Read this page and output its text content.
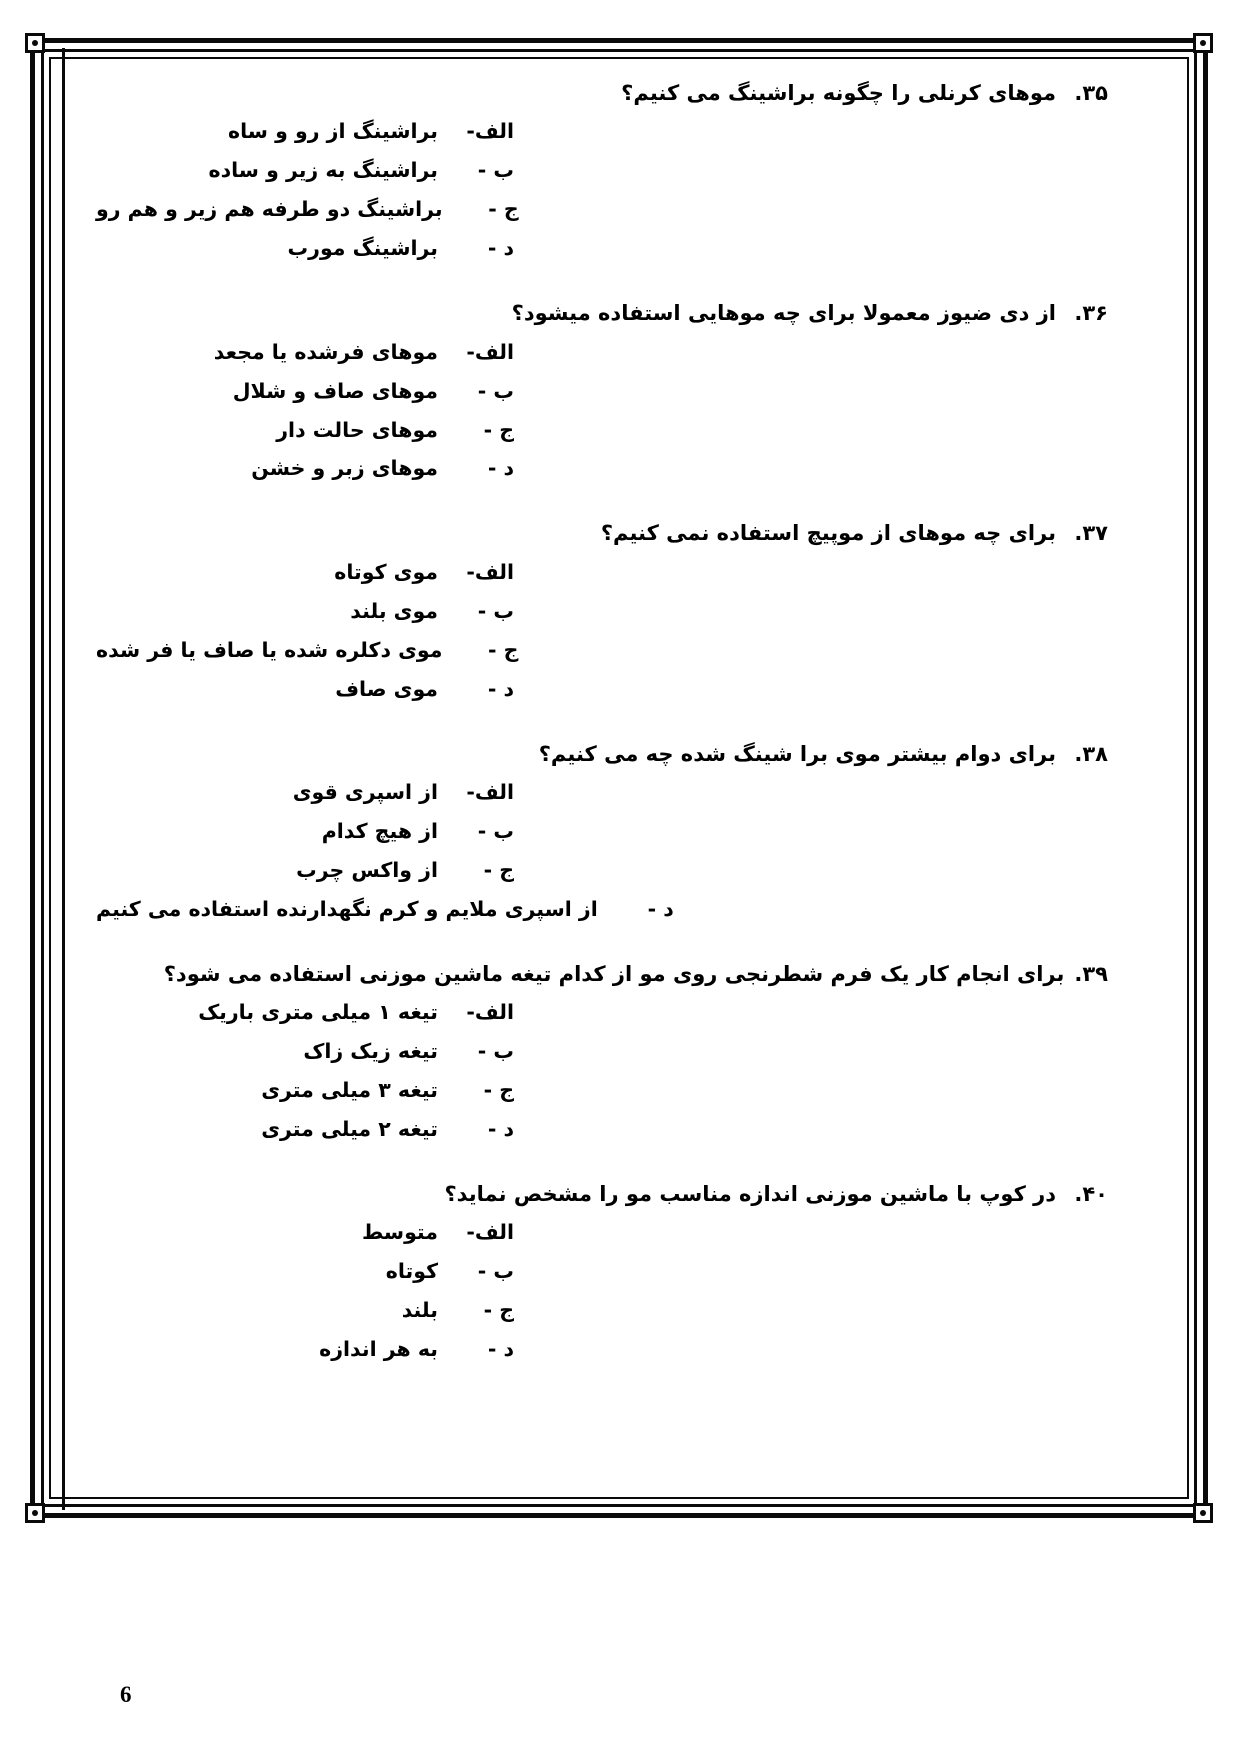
۳۵.
موهای کرنلی را چگونه براشینگ می کنیم؟
الف-
براشینگ از رو و ساه
ب -
براشینگ به زیر و ساده
ج -
براشینگ دو طرفه هم زیر و هم رو
د -
براشینگ مورب
۳۶.
از دی ضیوز معمولا برای چه موهایی استفاده میشود؟
الف-
موهای فرشده یا مجعد
ب -
موهای صاف و شلال
ج -
موهای حالت دار
د -
موهای زبر و خشن
۳۷.
برای چه موهای از موپیچ استفاده نمی کنیم؟
الف-
موی کوتاه
ب -
موی بلند
ج -
موی دکلره شده یا صاف یا فر شده
د -
موی صاف
۳۸.
برای دوام بیشتر موی برا شینگ شده چه می کنیم؟
الف-
از اسپری قوی
ب -
از هیچ کدام
ج -
از واکس چرب
د -
از اسپری ملایم و کرم نگهدارنده استفاده می کنیم
۳۹.
برای انجام کار یک فرم شطرنجی روی مو از کدام تیغه ماشین موزنی استفاده می شود؟
الف-
تیغه ۱ میلی متری باریک
ب -
تیغه زیک زاک
ج -
تیغه ۳ میلی متری
د -
تیغه ۲ میلی متری
۴۰.
در کوپ با ماشین موزنی اندازه مناسب مو را مشخص نماید؟
الف-
متوسط
ب -
کوتاه
ج -
بلند
د -
به هر اندازه
6
